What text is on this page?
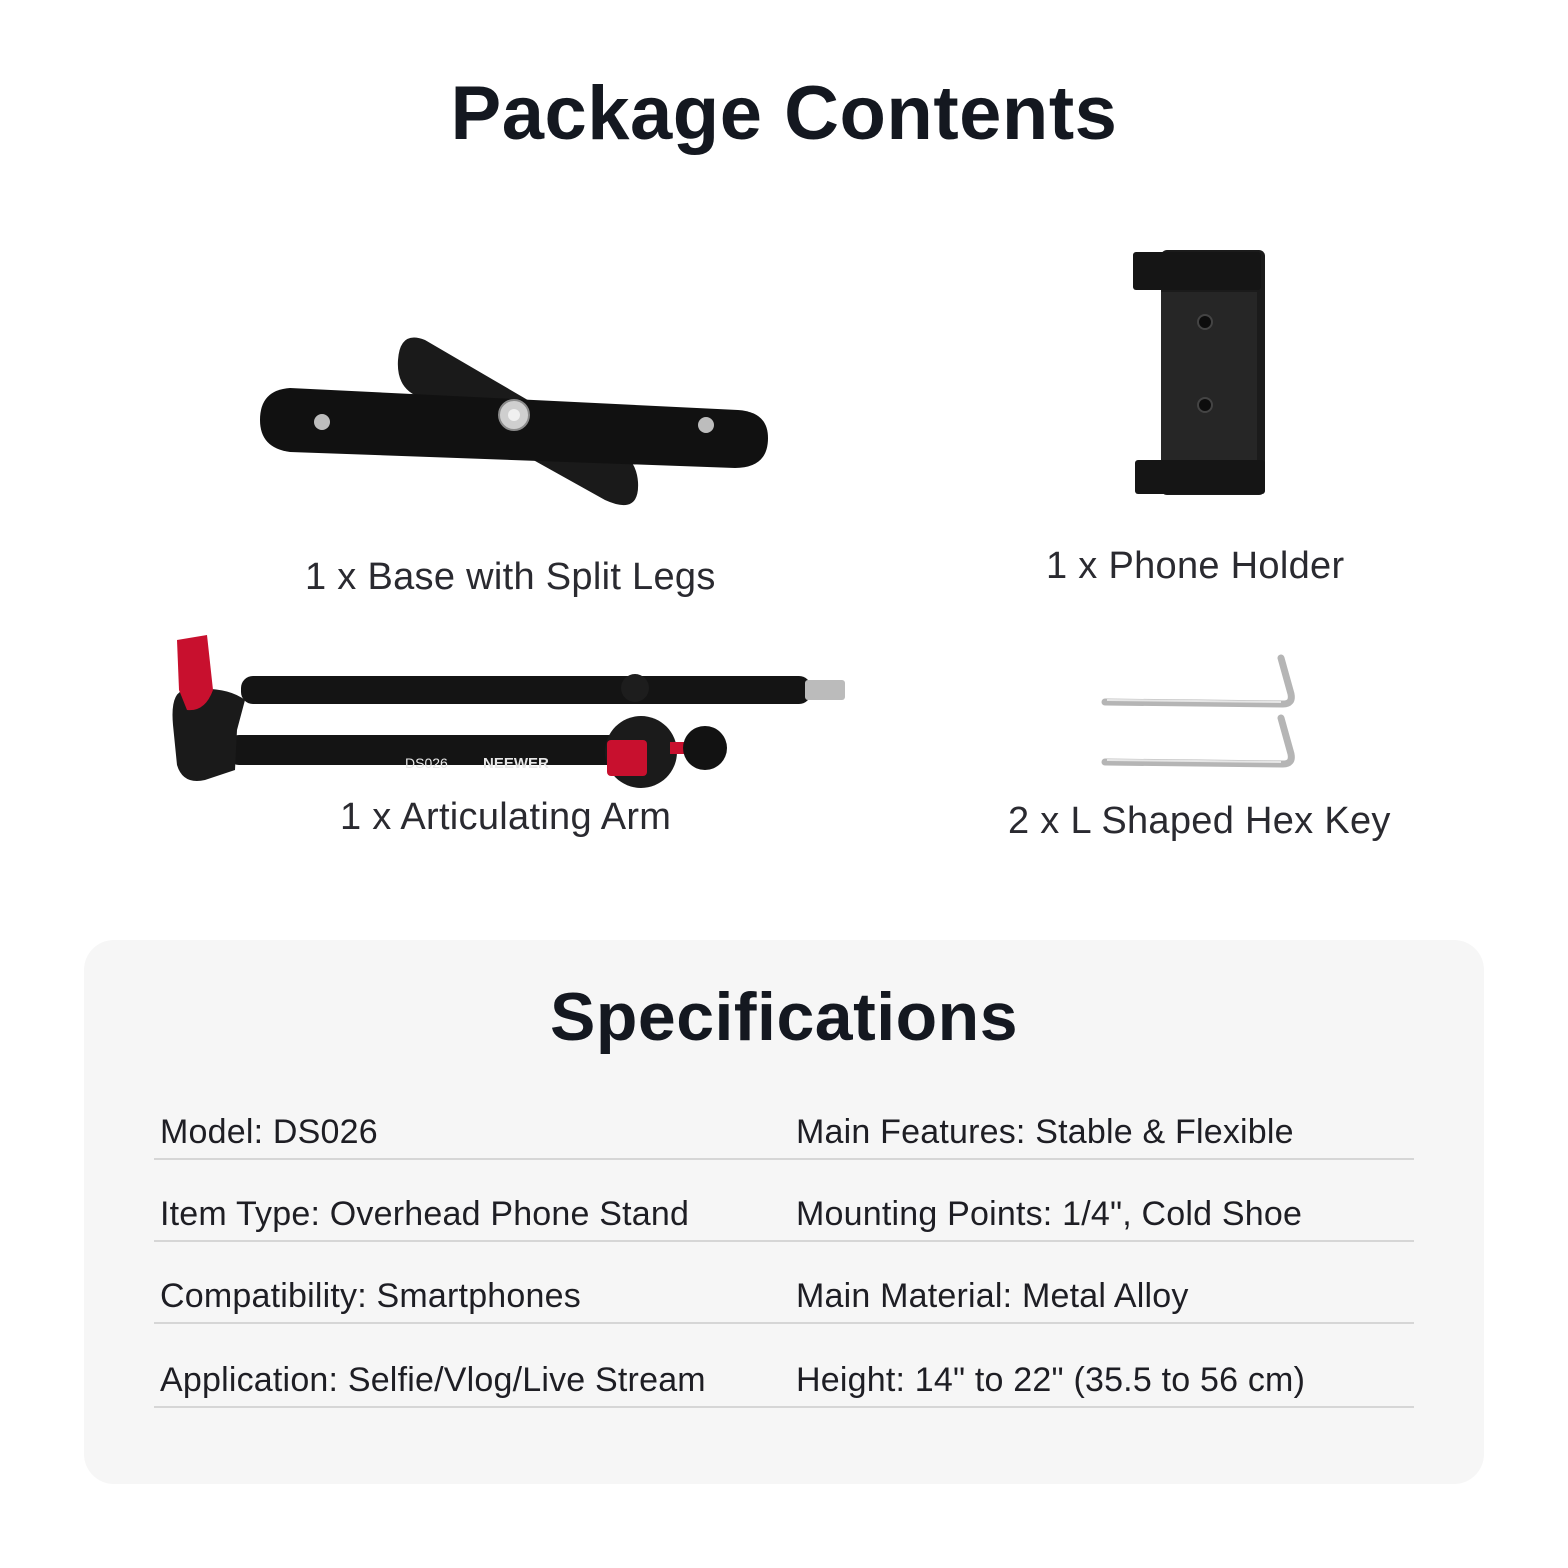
Package Contents
1 x Base with Split Legs	1 x Phone Holder
DS026 NEEWER
1 x Articulating Arm	2 x L Shaped Hex Key
Specifications
Model: DS026	Main Features: Stable & Flexible
Item Type: Overhead Phone Stand	Mounting Points: 1/4", Cold Shoe
Compatibility: Smartphones	Main Material: Metal Alloy
Application: Selfie/Vlog/Live Stream	Height: 14" to 22" (35.5 to 56 cm)
